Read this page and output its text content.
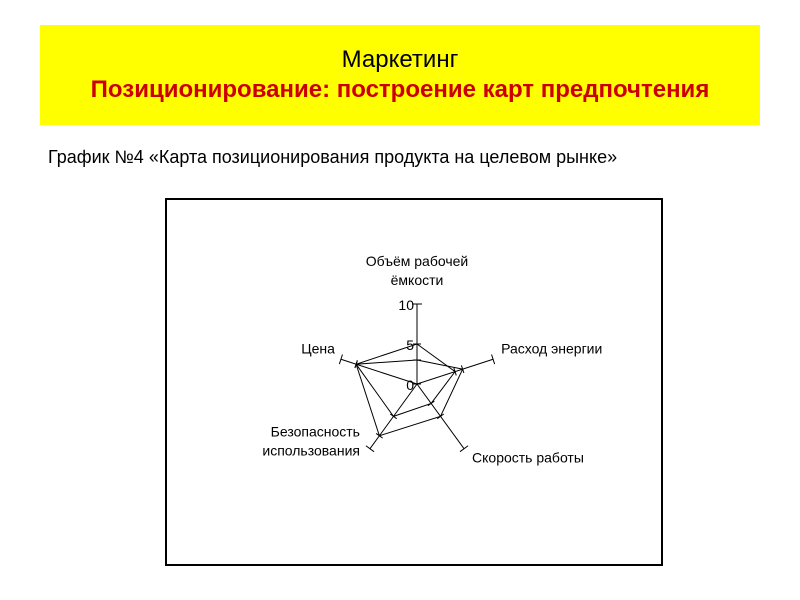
Маркетинг
Позиционирование: построение карт предпочтения
График №4 «Карта позиционирования продукта на целевом рынке»
10
5
0
Объём рабочей
ёмкости
Расход энергии
Скорость работы
Безопасность
использования
Цена
